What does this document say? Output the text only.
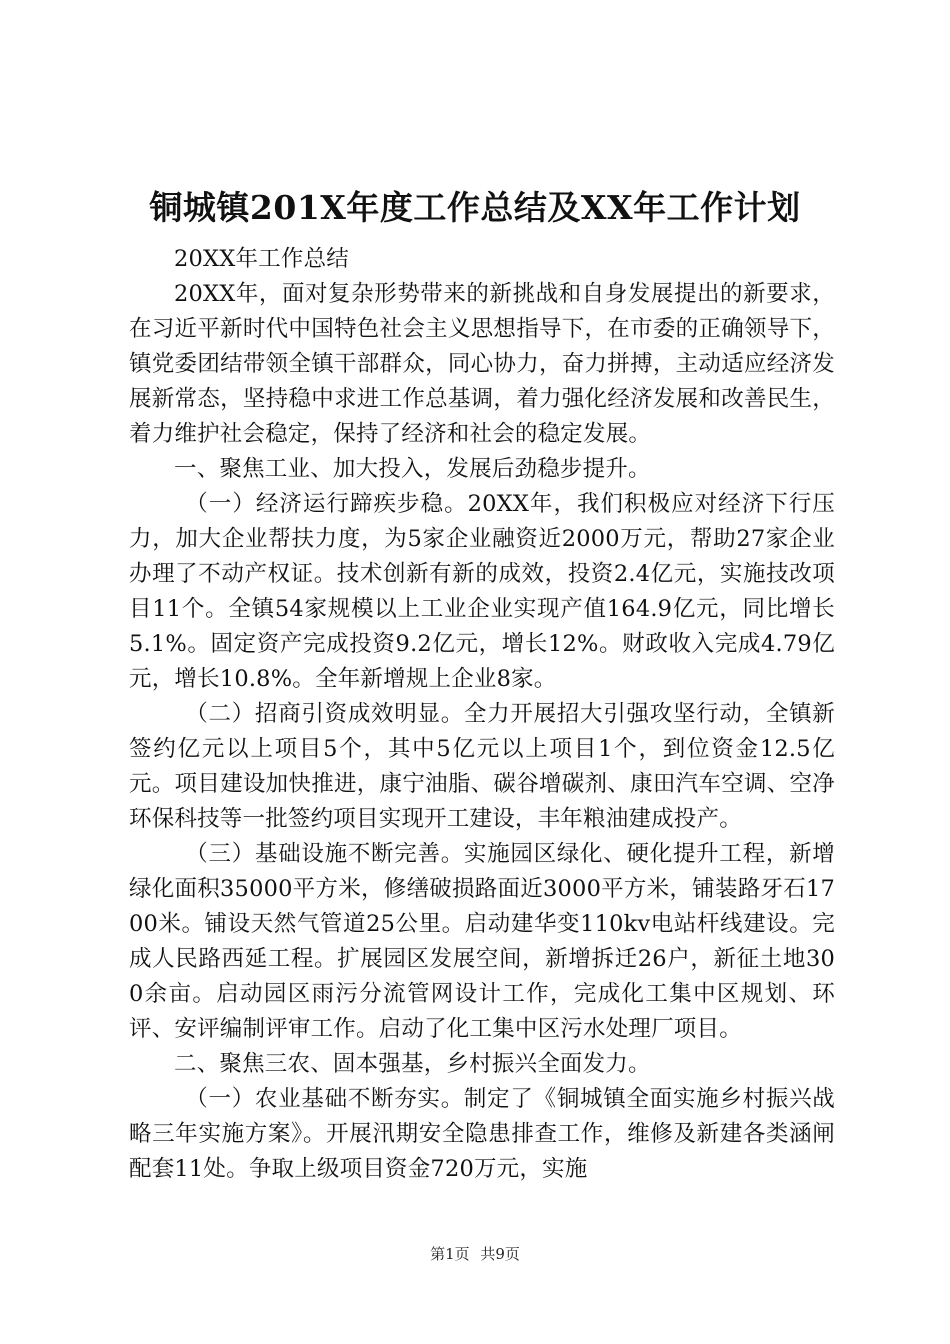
铜城镇201X年度工作总结及XX年工作计划

20XX年工作总结

20XX年，面对复杂形势带来的新挑战和自身发展提出的新要求，在习近平新时代中国特色社会主义思想指导下，在市委的正确领导下，镇党委团结带领全镇干部群众，同心协力，奋力拼搏，主动适应经济发展新常态，坚持稳中求进工作总基调，着力强化经济发展和改善民生，着力维护社会稳定，保持了经济和社会的稳定发展。

一、聚焦工业、加大投入，发展后劲稳步提升。

（一）经济运行蹄疾步稳。20XX年，我们积极应对经济下行压力，加大企业帮扶力度，为5家企业融资近2000万元，帮助27家企业办理了不动产权证。技术创新有新的成效，投资2.4亿元，实施技改项目11个。全镇54家规模以上工业企业实现产值164.9亿元，同比增长5.1%。固定资产完成投资9.2亿元，增长12%。财政收入完成4.79亿元，增长10.8%。全年新增规上企业8家。

（二）招商引资成效明显。全力开展招大引强攻坚行动，全镇新签约亿元以上项目5个，其中5亿元以上项目1个，到位资金12.5亿元。项目建设加快推进，康宁油脂、碳谷增碳剂、康田汽车空调、空净环保科技等一批签约项目实现开工建设，丰年粮油建成投产。

（三）基础设施不断完善。实施园区绿化、硬化提升工程，新增绿化面积35000平方米，修缮破损路面近3000平方米，铺装路牙石1700米。铺设天然气管道25公里。启动建华变110kv电站杆线建设。完成人民路西延工程。扩展园区发展空间，新增拆迁26户，新征土地300余亩。启动园区雨污分流管网设计工作，完成化工集中区规划、环评、安评编制评审工作。启动了化工集中区污水处理厂项目。

二、聚焦三农、固本强基，乡村振兴全面发力。

（一）农业基础不断夯实。制定了《铜城镇全面实施乡村振兴战略三年实施方案》。开展汛期安全隐患排查工作，维修及新建各类涵闸配套11处。争取上级项目资金720万元，实施

第1页 共9页
